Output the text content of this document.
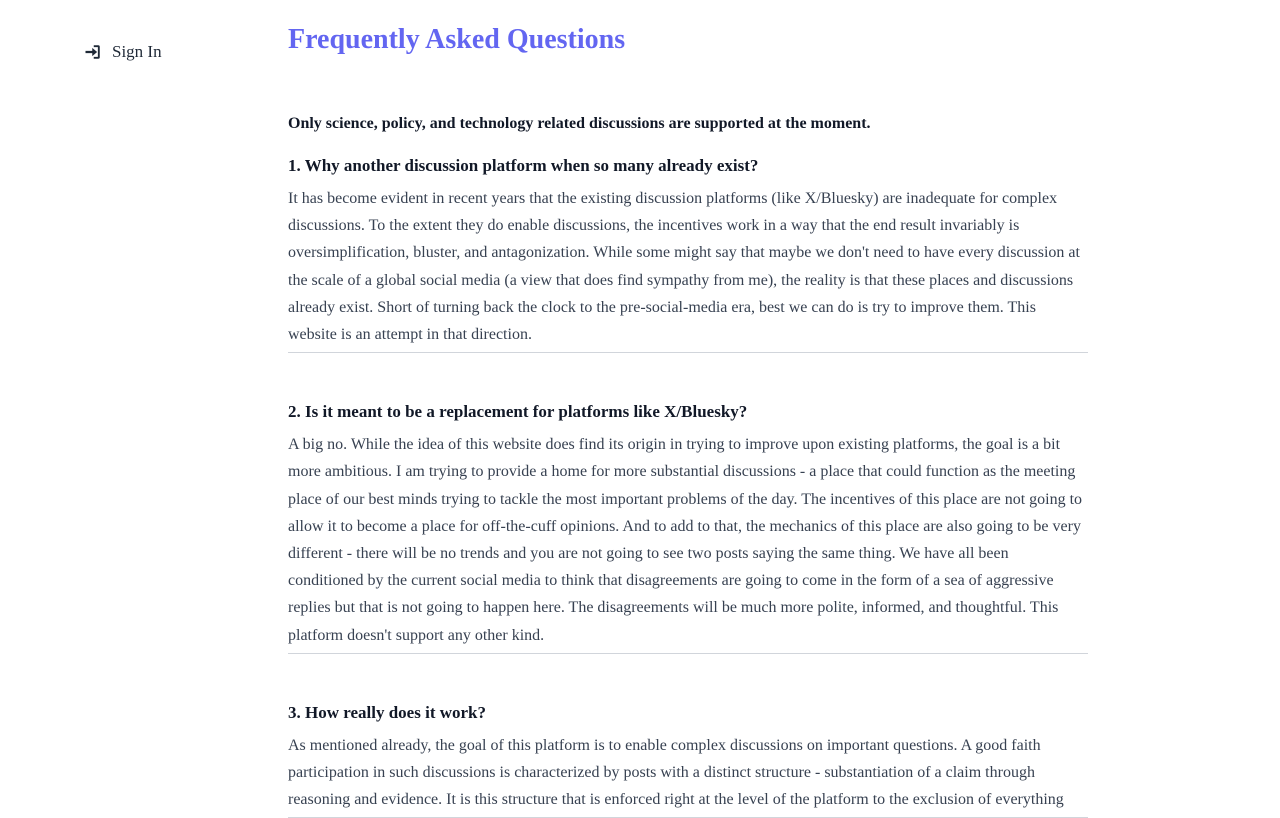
Sign In	Frequently Asked Questions

Only science, policy, and technology related discussions are supported at the moment.

1. Why another discussion platform when so many already exist?

It has become evident in recent years that the existing discussion platforms (like X/Bluesky) are inadequate for complex discussions. To the extent they do enable discussions, the incentives work in a way that the end result invariably is oversimplification, bluster, and antagonization. While some might say that maybe we don't need to have every discussion at the scale of a global social media (a view that does find sympathy from me), the reality is that these places and discussions already exist. Short of turning back the clock to the pre-social-media era, best we can do is try to improve them. This website is an attempt in that direction.

2. Is it meant to be a replacement for platforms like X/Bluesky?

A big no. While the idea of this website does find its origin in trying to improve upon existing platforms, the goal is a bit more ambitious. I am trying to provide a home for more substantial discussions - a place that could function as the meeting place of our best minds trying to tackle the most important problems of the day. The incentives of this place are not going to allow it to become a place for off-the-cuff opinions. And to add to that, the mechanics of this place are also going to be very different - there will be no trends and you are not going to see two posts saying the same thing. We have all been conditioned by the current social media to think that disagreements are going to come in the form of a sea of aggressive replies but that is not going to happen here. The disagreements will be much more polite, informed, and thoughtful. This platform doesn't support any other kind.

3. How really does it work?

As mentioned already, the goal of this platform is to enable complex discussions on important questions. A good faith participation in such discussions is characterized by posts with a distinct structure - substantiation of a claim through reasoning and evidence. It is this structure that is enforced right at the level of the platform to the exclusion of everything
